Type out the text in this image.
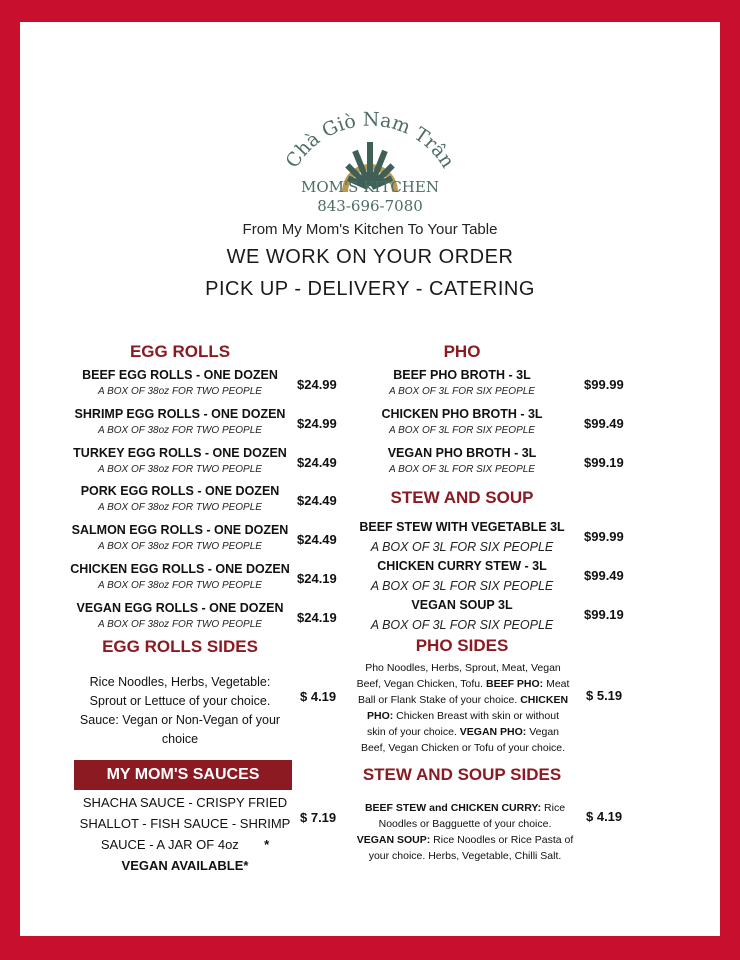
Chà Giò Nam Trân
MOM'S KITCHEN
843-696-7080
From My Mom's Kitchen To Your Table
WE WORK ON YOUR ORDER
PICK UP - DELIVERY - CATERING
EGG ROLLS
BEEF EGG ROLLS - ONE DOZEN
A BOX OF 38oz FOR TWO PEOPLE	$24.99
SHRIMP EGG ROLLS - ONE DOZEN
A BOX OF 38oz FOR TWO PEOPLE	$24.99
TURKEY EGG ROLLS - ONE DOZEN
A BOX OF 38oz FOR TWO PEOPLE	$24.49
PORK EGG ROLLS - ONE DOZEN
A BOX OF 38oz FOR TWO PEOPLE	$24.49
SALMON EGG ROLLS - ONE DOZEN
A BOX OF 38oz FOR TWO PEOPLE	$24.49
CHICKEN EGG ROLLS - ONE DOZEN
A BOX OF 38oz FOR TWO PEOPLE	$24.19
VEGAN EGG ROLLS - ONE DOZEN
A BOX OF 38oz FOR TWO PEOPLE	$24.19
EGG ROLLS SIDES
Rice Noodles, Herbs, Vegetable:
Sprout or Lettuce of your choice.
Sauce: Vegan or Non-Vegan of your
choice
$ 4.19
MY MOM'S SAUCES
SHACHA SAUCE - CRISPY FRIED
SHALLOT - FISH SAUCE - SHRIMP
SAUCE - A JAR OF 4oz *
VEGAN AVAILABLE*
$ 7.19
PHO
BEEF PHO BROTH - 3L
A BOX OF 3L FOR SIX PEOPLE	$99.99
CHICKEN PHO BROTH - 3L
A BOX OF 3L FOR SIX PEOPLE	$99.49
VEGAN PHO BROTH - 3L
A BOX OF 3L FOR SIX PEOPLE	$99.19
STEW AND SOUP
BEEF STEW WITH VEGETABLE 3L
A BOX OF 3L FOR SIX PEOPLE
$99.99
CHICKEN CURRY STEW - 3L
A BOX OF 3L FOR SIX PEOPLE
$99.49
VEGAN SOUP 3L
A BOX OF 3L FOR SIX PEOPLE
$99.19
PHO SIDES
Pho Noodles, Herbs, Sprout, Meat, Vegan
Beef, Vegan Chicken, Tofu. BEEF PHO: Meat
Ball or Flank Stake of your choice. CHICKEN
PHO: Chicken Breast with skin or without
skin of your choice. VEGAN PHO: Vegan
Beef, Vegan Chicken or Tofu of your choice.
$ 5.19
STEW AND SOUP SIDES
BEEF STEW and CHICKEN CURRY: Rice
Noodles or Bagguette of your choice.
VEGAN SOUP: Rice Noodles or Rice Pasta of
your choice. Herbs, Vegetable, Chilli Salt.
$ 4.19
